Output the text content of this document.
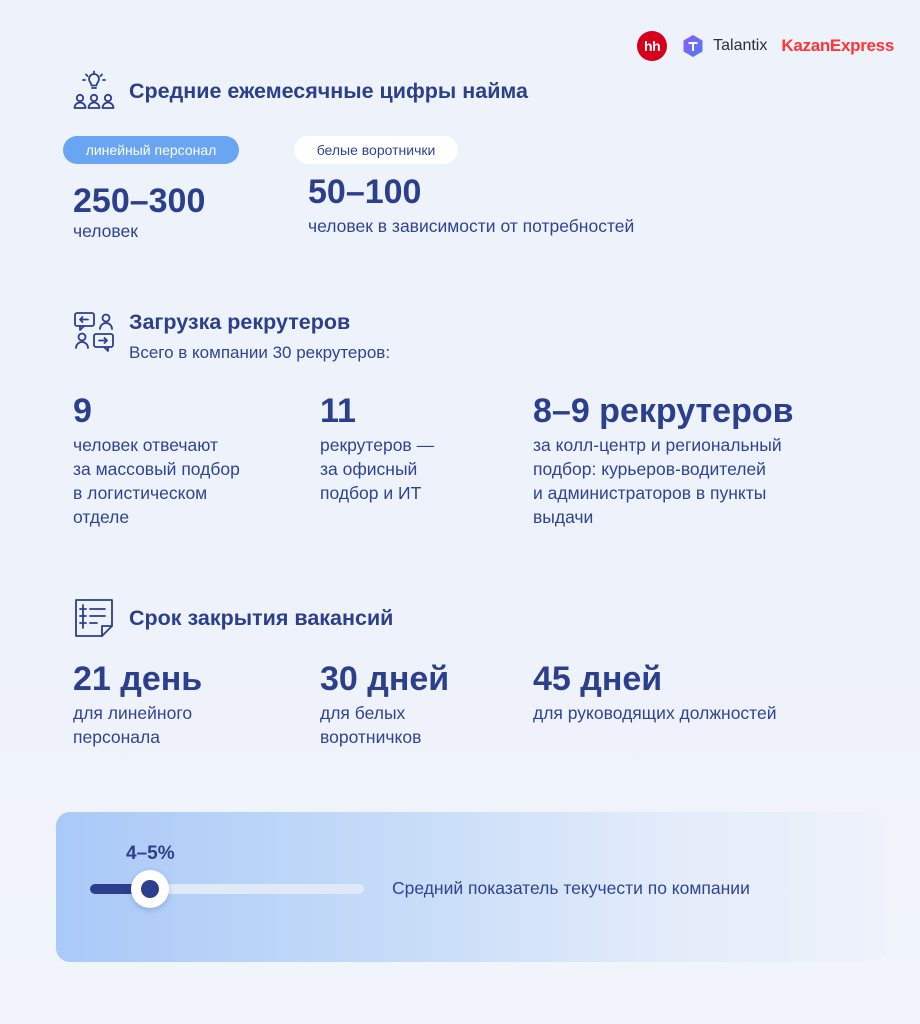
hh	Talantix KazanExpress
Средние ежемесячные цифры найма
линейный персонал	белые воротнички
250–300
человек
50–100
человек в зависимости от потребностей
Загрузка рекрутеров
Всего в компании 30 рекрутеров:
9
человек отвечают
за массовый подбор
в логистическом
отделе
11
рекрутеров —
за офисный
подбор и ИТ
8–9 рекрутеров
за колл-центр и региональный
подбор: курьеров-водителей
и администраторов в пункты
выдачи
Срок закрытия вакансий
21 день
для линейного
персонала
30 дней
для белых
воротничков
45 дней
для руководящих должностей
4–5%
Средний показатель текучести по компании
